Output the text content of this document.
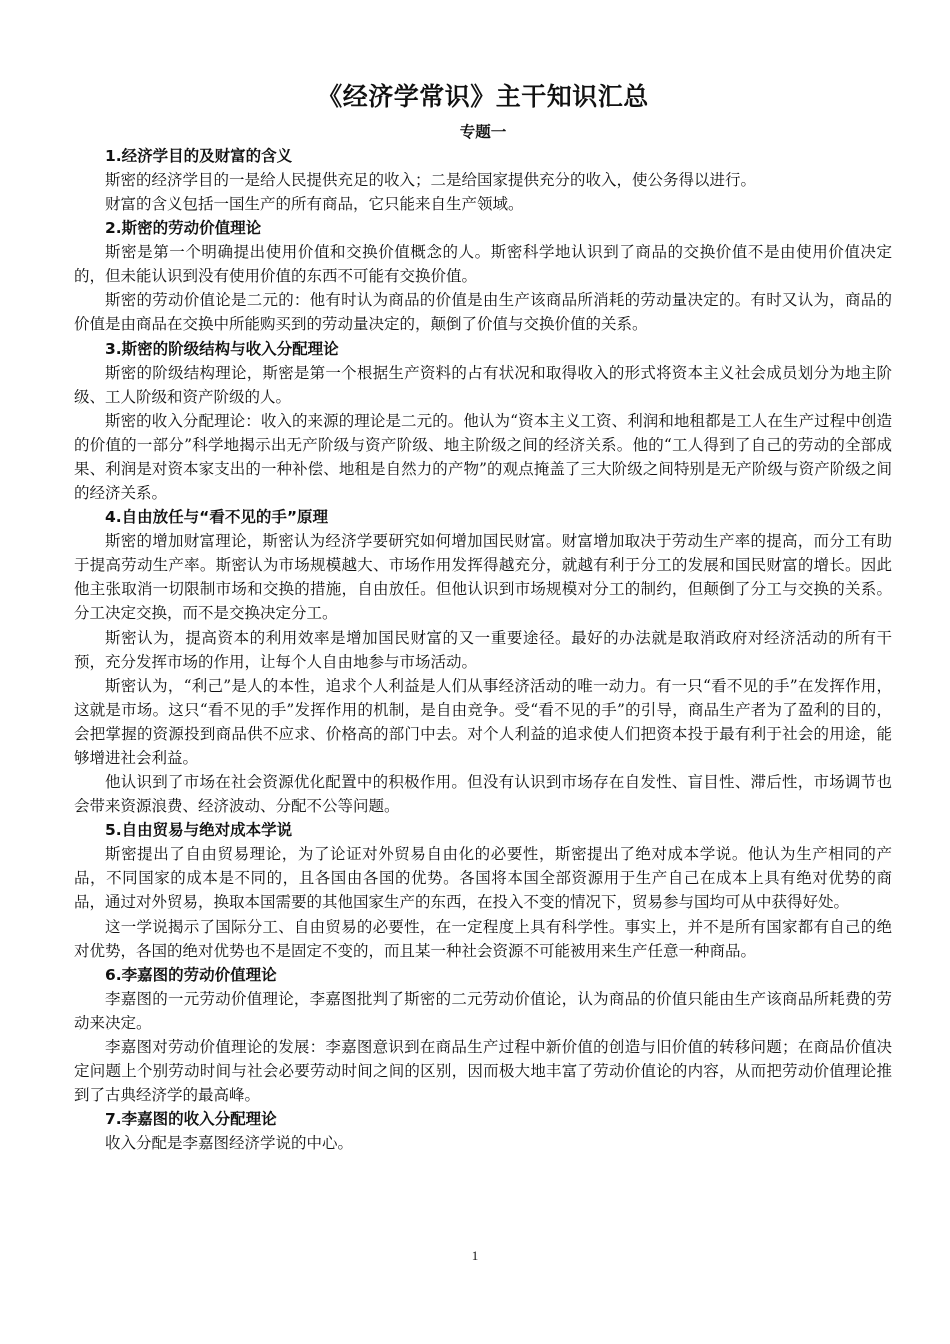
《经济学常识》主干知识汇总
专题一
1.经济学目的及财富的含义

斯密的经济学目的一是给人民提供充足的收入；二是给国家提供充分的收入，使公务得以进行。

财富的含义包括一国生产的所有商品，它只能来自生产领域。

2.斯密的劳动价值理论

斯密是第一个明确提出使用价值和交换价值概念的人。斯密科学地认识到了商品的交换价值不是由使用价值决定的，但未能认识到没有使用价值的东西不可能有交换价值。

斯密的劳动价值论是二元的：他有时认为商品的价值是由生产该商品所消耗的劳动量决定的。有时又认为，商品的价值是由商品在交换中所能购买到的劳动量决定的，颠倒了价值与交换价值的关系。

3.斯密的阶级结构与收入分配理论

斯密的阶级结构理论，斯密是第一个根据生产资料的占有状况和取得收入的形式将资本主义社会成员划分为地主阶级、工人阶级和资产阶级的人。

斯密的收入分配理论：收入的来源的理论是二元的。他认为“资本主义工资、利润和地租都是工人在生产过程中创造的价值的一部分”科学地揭示出无产阶级与资产阶级、地主阶级之间的经济关系。他的“工人得到了自己的劳动的全部成果、利润是对资本家支出的一种补偿、地租是自然力的产物”的观点掩盖了三大阶级之间特别是无产阶级与资产阶级之间的经济关系。

4.自由放任与“看不见的手”原理

斯密的增加财富理论，斯密认为经济学要研究如何增加国民财富。财富增加取决于劳动生产率的提高，而分工有助于提高劳动生产率。斯密认为市场规模越大、市场作用发挥得越充分，就越有利于分工的发展和国民财富的增长。因此他主张取消一切限制市场和交换的措施，自由放任。但他认识到市场规模对分工的制约，但颠倒了分工与交换的关系。分工决定交换，而不是交换决定分工。

斯密认为，提高资本的利用效率是增加国民财富的又一重要途径。最好的办法就是取消政府对经济活动的所有干预，充分发挥市场的作用，让每个人自由地参与市场活动。

斯密认为，“利己”是人的本性，追求个人利益是人们从事经济活动的唯一动力。有一只“看不见的手”在发挥作用，这就是市场。这只“看不见的手”发挥作用的机制，是自由竞争。受“看不见的手”的引导，商品生产者为了盈利的目的，会把掌握的资源投到商品供不应求、价格高的部门中去。对个人利益的追求使人们把资本投于最有利于社会的用途，能够增进社会利益。

他认识到了市场在社会资源优化配置中的积极作用。但没有认识到市场存在自发性、盲目性、滞后性，市场调节也会带来资源浪费、经济波动、分配不公等问题。

5.自由贸易与绝对成本学说

斯密提出了自由贸易理论，为了论证对外贸易自由化的必要性，斯密提出了绝对成本学说。他认为生产相同的产品，不同国家的成本是不同的，且各国由各国的优势。各国将本国全部资源用于生产自己在成本上具有绝对优势的商品，通过对外贸易，换取本国需要的其他国家生产的东西，在投入不变的情况下，贸易参与国均可从中获得好处。

这一学说揭示了国际分工、自由贸易的必要性，在一定程度上具有科学性。事实上，并不是所有国家都有自己的绝对优势，各国的绝对优势也不是固定不变的，而且某一种社会资源不可能被用来生产任意一种商品。

6.李嘉图的劳动价值理论

李嘉图的一元劳动价值理论，李嘉图批判了斯密的二元劳动价值论，认为商品的价值只能由生产该商品所耗费的劳动来决定。

李嘉图对劳动价值理论的发展：李嘉图意识到在商品生产过程中新价值的创造与旧价值的转移问题；在商品价值决定问题上个别劳动时间与社会必要劳动时间之间的区别，因而极大地丰富了劳动价值论的内容，从而把劳动价值理论推到了古典经济学的最高峰。

7.李嘉图的收入分配理论

收入分配是李嘉图经济学说的中心。

1
